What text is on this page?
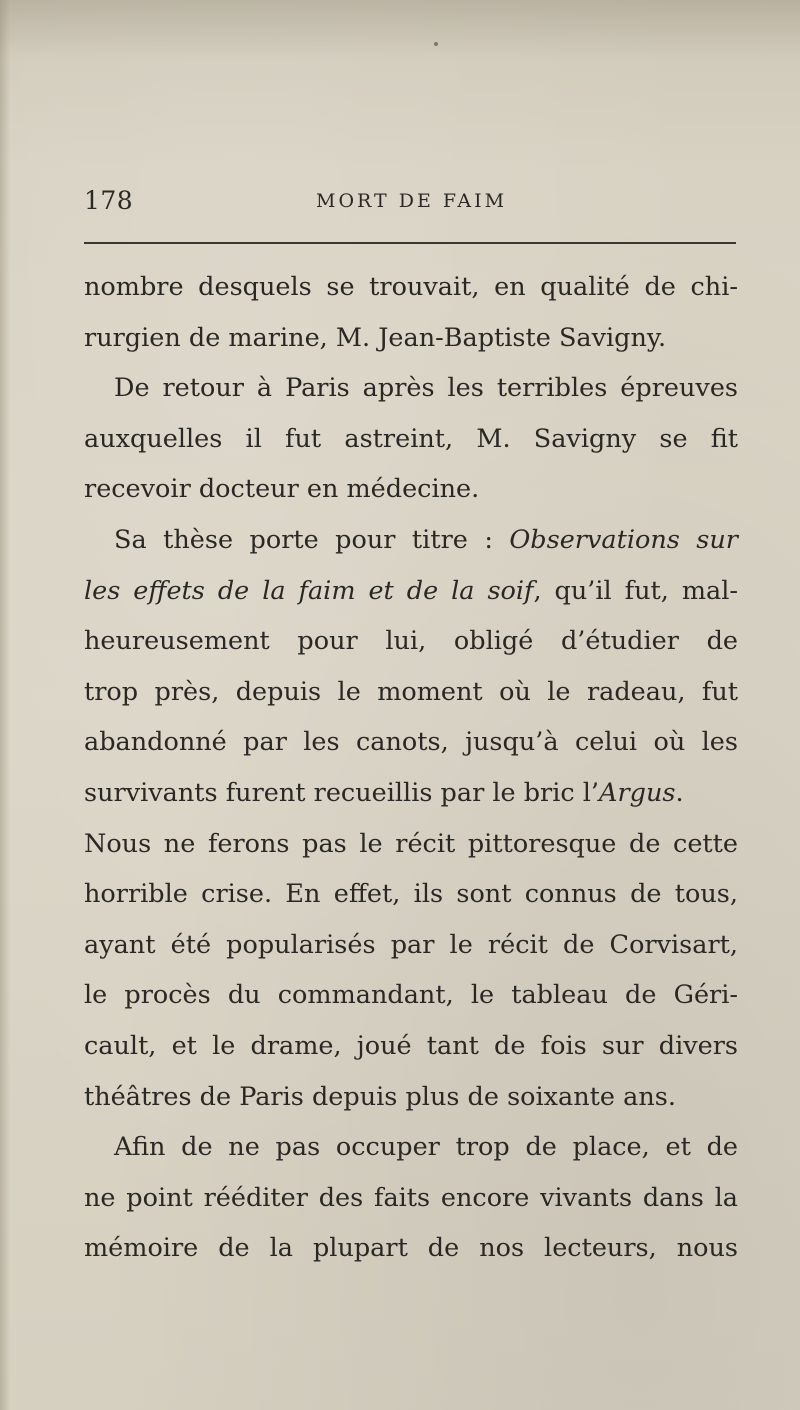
178	MORT DE FAIM
nombre desquels se trouvait, en qualité de chi-
rurgien de marine, M. Jean-Baptiste Savigny.
De retour à Paris après les terribles épreuves
auxquelles il fut astreint, M. Savigny se fit
recevoir docteur en médecine.
Sa thèse porte pour titre : Observations sur
les effets de la faim et de la soif, qu’il fut, mal-
heureusement pour lui, obligé d’étudier de
trop près, depuis le moment où le radeau, fut
abandonné par les canots, jusqu’à celui où les
survivants furent recueillis par le bric l’Argus.
Nous ne ferons pas le récit pittoresque de cette
horrible crise. En effet, ils sont connus de tous,
ayant été popularisés par le récit de Corvisart,
le procès du commandant, le tableau de Géri-
cault, et le drame, joué tant de fois sur divers
théâtres de Paris depuis plus de soixante ans.
Afin de ne pas occuper trop de place, et de
ne point rééditer des faits encore vivants dans la
mémoire de la plupart de nos lecteurs, nous
